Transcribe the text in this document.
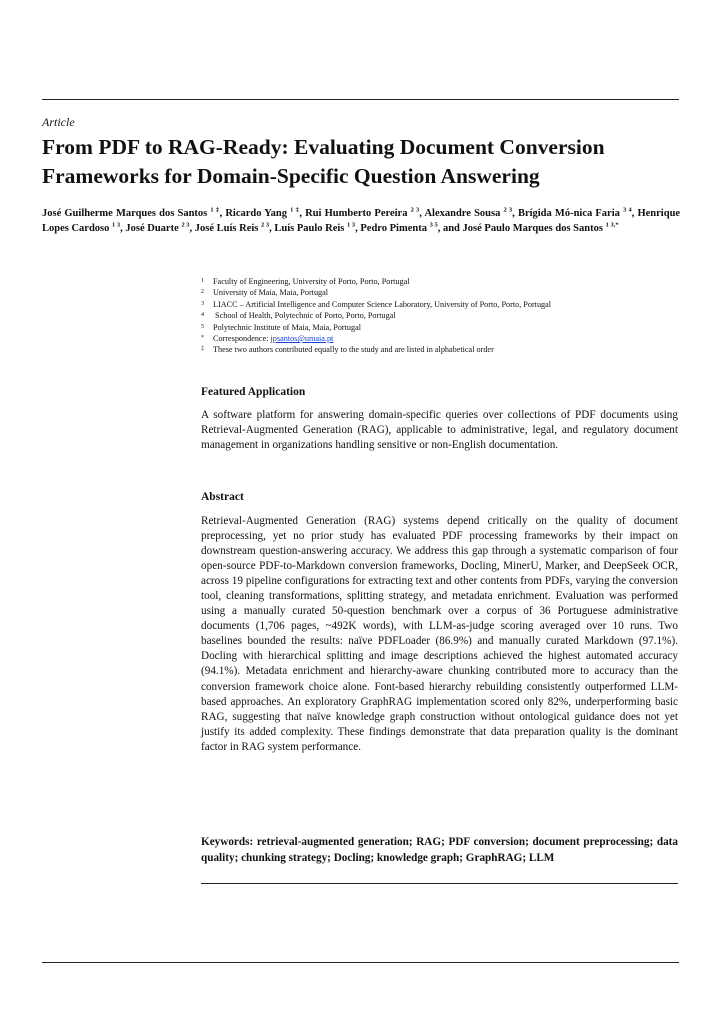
Article
From PDF to RAG-Ready: Evaluating Document Conversion
Frameworks for Domain-Specific Question Answering

José Guilherme Marques dos Santos $^{1 \ddagger}$, Ricardo Yang $^{1 \ddagger}$, Rui Humberto Pereira $^{2 3}$, Alexandre Sousa $^{2 3}$, Brígida Mó-nica Faria $^{3 4}$, Henrique Lopes Cardoso $^{1 3}$, José Duarte $^{2 3}$, José Luís Reis $^{2 3}$, Luís Paulo Reis $^{1 3}$, Pedro Pimenta $^{3 5}$, and José Paulo Marques dos Santos $^{1 3,*}$

1 Faculty of Engineering, University of Porto, Porto, Portugal
2 University of Maia, Maia, Portugal
3 LIACC – Artificial Intelligence and Computer Science Laboratory, University of Porto, Porto, Portugal
4 School of Health, Polytechnic of Porto, Porto, Portugal
5 Polytechnic Institute of Maia, Maia, Portugal
* Correspondence: jpsantos@umaia.pt
‡ These two authors contributed equally to the study and are listed in alphabetical order
Featured Application

A software platform for answering domain-specific queries over collections of PDF documents using Retrieval-Augmented Generation (RAG), applicable to administrative, legal, and regulatory document management in organizations handling sensitive or non-English documentation.

Abstract

Retrieval-Augmented Generation (RAG) systems depend critically on the quality of document preprocessing, yet no prior study has evaluated PDF processing frameworks by their impact on downstream question-answering accuracy. We address this gap through a systematic comparison of four open-source PDF-to-Markdown conversion frameworks, Docling, MinerU, Marker, and DeepSeek OCR, across 19 pipeline configurations for extracting text and other contents from PDFs, varying the conversion tool, cleaning transformations, splitting strategy, and metadata enrichment. Evaluation was performed using a manually curated 50-question benchmark over a corpus of 36 Portuguese administrative documents (1,706 pages, ~492K words), with LLM-as-judge scoring averaged over 10 runs. Two baselines bounded the results: naïve PDFLoader (86.9%) and manually curated Markdown (97.1%). Docling with hierarchical splitting and image descriptions achieved the highest automated accuracy (94.1%). Metadata enrichment and hierarchy-aware chunking contributed more to accuracy than the conversion framework choice alone. Font-based hierarchy rebuilding consistently outperformed LLM-based approaches. An exploratory GraphRAG implementation scored only 82%, underperforming basic RAG, suggesting that naïve knowledge graph construction without ontological guidance does not yet justify its added complexity. These findings demonstrate that data preparation quality is the dominant factor in RAG system performance.

Keywords: retrieval-augmented generation; RAG; PDF conversion; document preprocessing; data quality; chunking strategy; Docling; knowledge graph; GraphRAG; LLM
